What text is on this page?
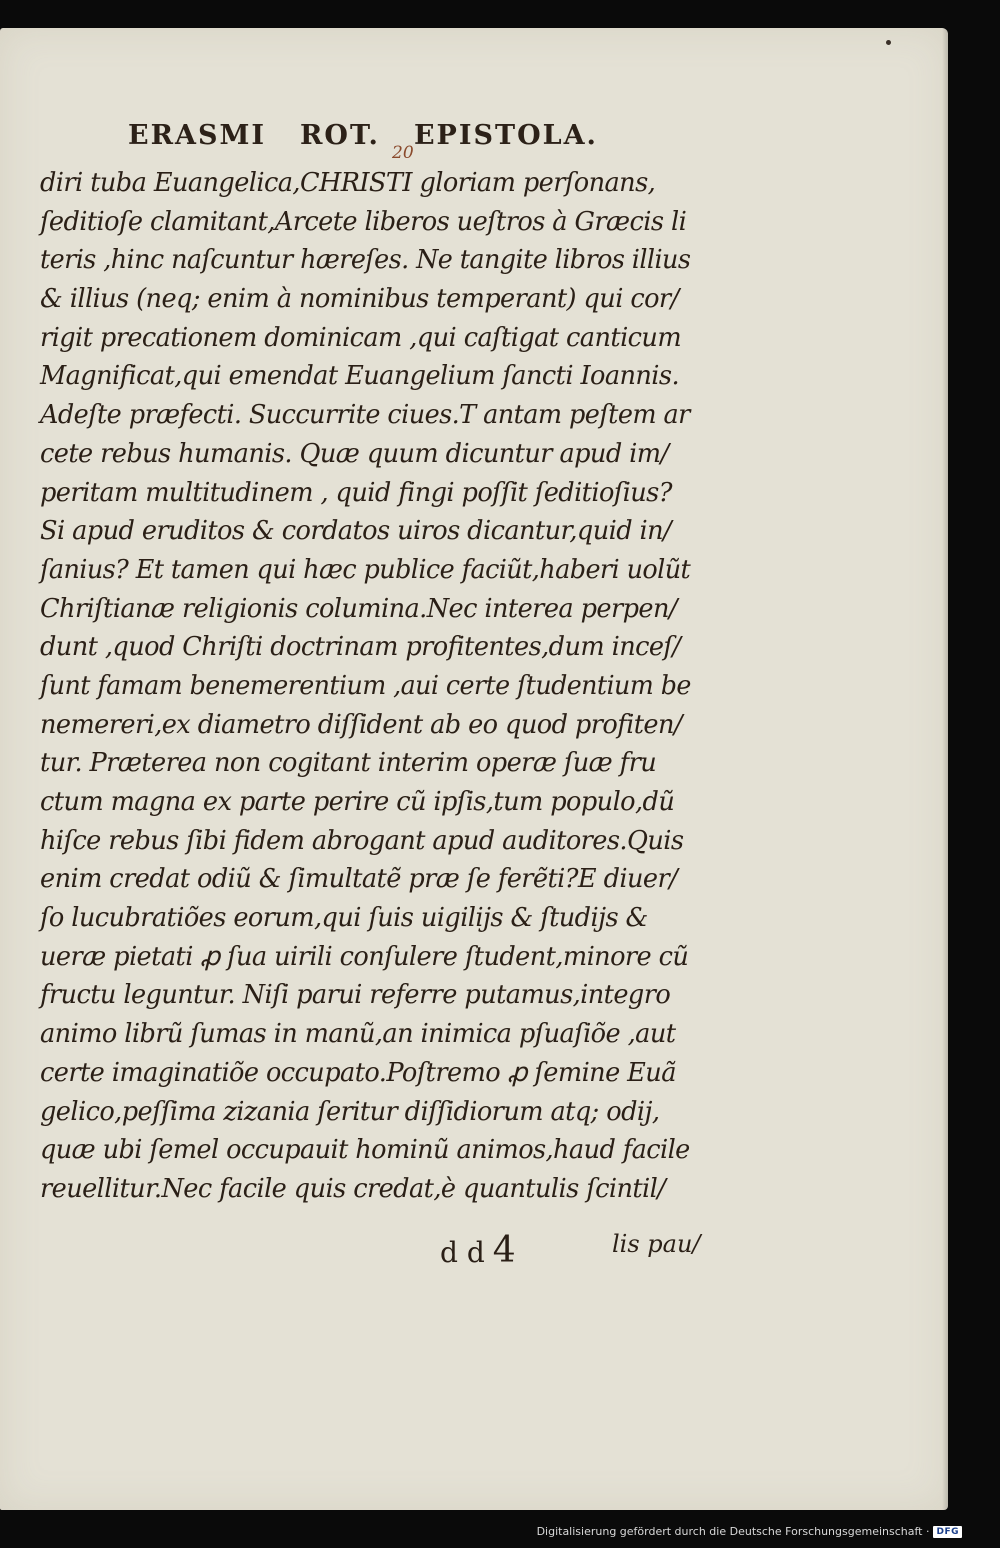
ERASMI ROT. EPISTOLA.
20
diri tuba Euangelica,CHRISTI gloriam perſonans,
ſeditioſe clamitant,Arcete liberos ueſtros à Græcis li
teris ,hinc naſcuntur hæreſes. Ne tangite libros illius
& illius (neq; enim à nominibus temperant) qui cor/
rigit precationem dominicam ,qui caſtigat canticum
Magnificat,qui emendat Euangelium ſancti Ioannis.
Adeſte præfecti. Succurrite ciues.T antam peſtem ar
cete rebus humanis. Quæ quum dicuntur apud im/
peritam multitudinem , quid fingi poſſit ſeditioſius?
Si apud eruditos & cordatos uiros dicantur,quid in/
ſanius? Et tamen qui hæc publice faciũt,haberi uolũt
Chriſtianæ religionis columina.Nec interea perpen/
dunt ,quod Chriſti doctrinam profitentes,dum inceſ/
ſunt famam benemerentium ,aui certe ſtudentium be
nemereri,ex diametro diſſident ab eo quod profiten/
tur. Præterea non cogitant interim operæ ſuæ fru
ctum magna ex parte perire cũ ipſis,tum populo,dũ
hiſce rebus ſibi fidem abrogant apud auditores.Quis
enim credat odiũ & ſimultatẽ præ ſe ferẽti?E diuer/
ſo lucubratiões eorum,qui ſuis uigilijs & ſtudijs &
ueræ pietati ꝓ ſua uirili conſulere ſtudent,minore cũ
fructu leguntur. Niſi parui referre putamus,integro
animo librũ ſumas in manũ,an inimica pſuaſiõe ,aut
certe imaginatiõe occupato.Poſtremo ꝓ ſemine Euã
gelico,peſſima zizania ſeritur diſſidiorum atq; odij,
quæ ubi ſemel occupauit hominũ animos,haud facile
reuellitur.Nec facile quis credat,è quantulis ſcintil/
d d 4	lis pau/
Digitalisierung gefördert durch die Deutsche Forschungsgemeinschaft · DFG
